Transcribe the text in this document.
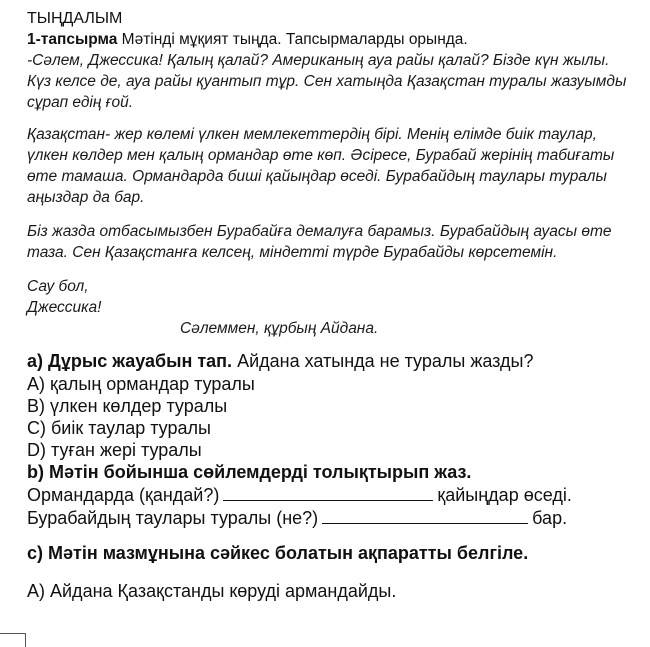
ТЫҢДАЛЫМ
1-тапсырма Мәтінді мұқият тыңда. Тапсырмаларды орында.
-Сәлем, Джессика! Қалың қалай? Американың ауа райы қалай? Бізде күн жылы.
Күз келсе де, ауа райы қуантып тұр. Сен хатыңда Қазақстан туралы жазуымды
сұрап едің ғой.
Қазақстан- жер көлемі үлкен мемлекеттердің бірі. Менің елімде биік таулар,
үлкен көлдер мен қалың ормандар өте көп. Әсіресе, Бурабай жерінің табиғаты
өте тамаша. Ормандарда биші қайыңдар өседі. Бурабайдың таулары туралы
аңыздар да бар.
Біз жазда отбасымызбен Бурабайға демалуға барамыз. Бурабайдың ауасы өте
таза. Сен Қазақстанға келсең, міндетті түрде Бурабайды көрсетемін.
Сау бол,
Джессика!
Сәлеммен, құрбың Айдана.
a) Дұрыс жауабын тап. Айдана хатында не туралы жазды?
A) қалың ормандар туралы
B) үлкен көлдер туралы
C) биік таулар туралы
D) туған жері туралы
b) Мәтін бойынша сөйлемдерді толықтырып жаз.
Ормандарда (қандай?)	қайыңдар өседі.
Бурабайдың таулары туралы (не?)	бар.
c) Мәтін мазмұнына сәйкес болатын ақпаратты белгіле.
A) Айдана Қазақстанды көруді армандайды.
